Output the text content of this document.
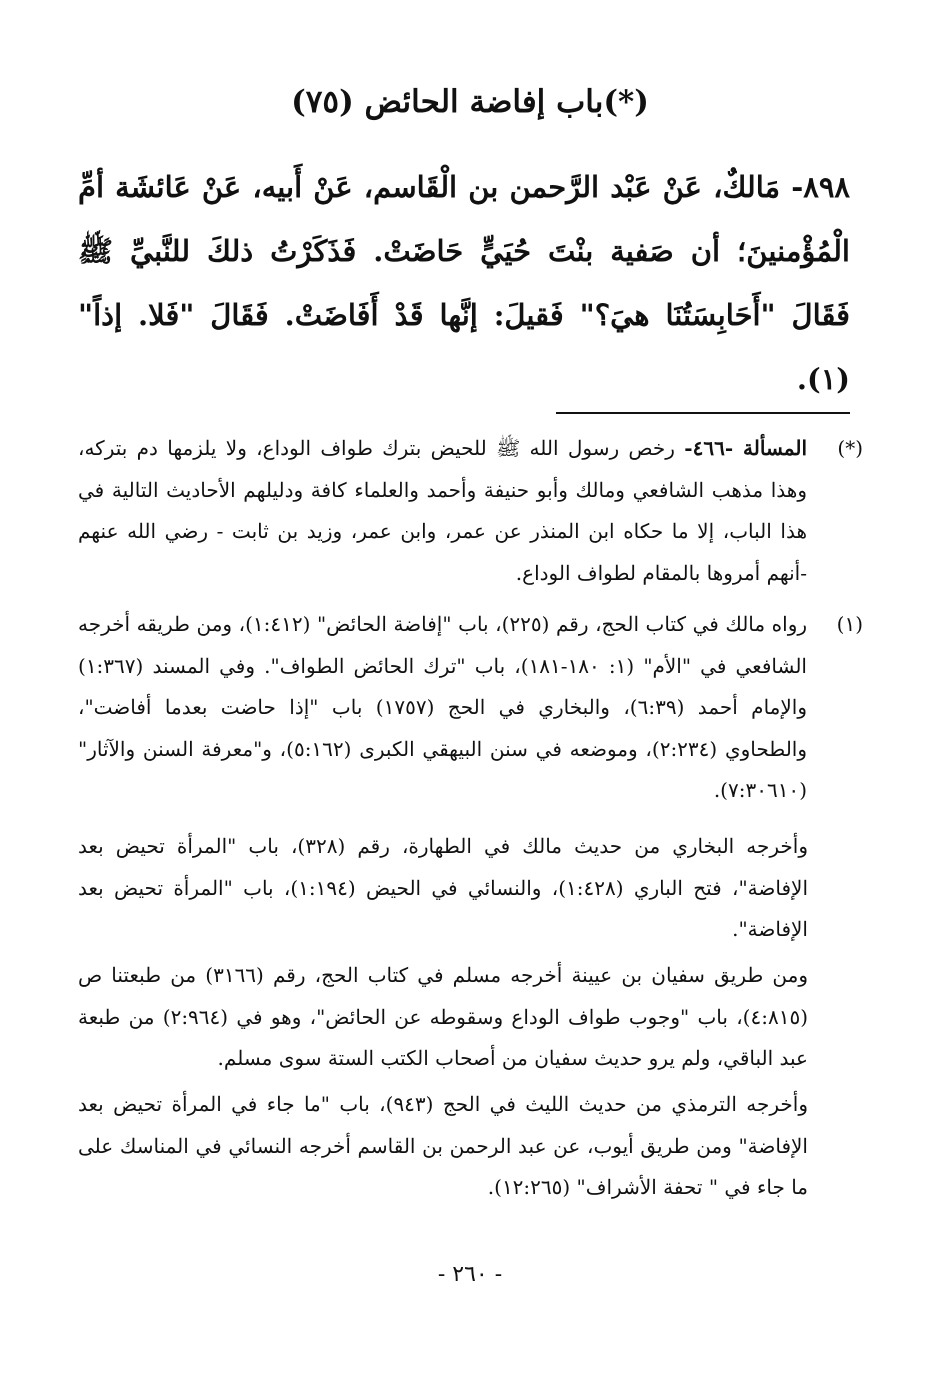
(٧٥) باب إفاضة الحائض(*)
٨٩٨- مَالكٌ، عَنْ عَبْد الرَّحمن بن الْقَاسم، عَنْ أَبيه، عَنْ عَائشَة أمِّ الْمُؤْمنينَ؛ أن صَفية بنْتَ حُيَيٍّ حَاضَتْ. فَذَكَرْتُ ذلكَ للنَّبيِّ ﷺ فَقَالَ "أَحَابِسَتُنَا هيَ؟" فَقيلَ: إنَّها قَدْ أَفَاضَتْ. فَقَالَ "فَلا. إذاً"(١).
(*)
المسألة -٤٦٦- رخص رسول الله ﷺ للحيض بترك طواف الوداع، ولا يلزمها دم بتركه، وهذا مذهب الشافعي ومالك وأبو حنيفة وأحمد والعلماء كافة ودليلهم الأحاديث التالية في هذا الباب، إلا ما حكاه ابن المنذر عن عمر، وابن عمر، وزيد بن ثابت - رضي الله عنهم -أنهم أمروها بالمقام لطواف الوداع.
(١)
رواه مالك في كتاب الحج، رقم (٢٢٥)، باب "إفاضة الحائض" (١:٤١٢)، ومن طريقه أخرجه الشافعي في "الأم" (١: ١٨٠-١٨١)، باب "ترك الحائض الطواف". وفي المسند (١:٣٦٧) والإمام أحمد (٦:٣٩)، والبخاري في الحج (١٧٥٧) باب "إذا حاضت بعدما أفاضت"، والطحاوي (٢:٢٣٤)، وموضعه في سنن البيهقي الكبرى (٥:١٦٢)، و"معرفة السنن والآثار" (٧:٣٠٦١٠).
وأخرجه البخاري من حديث مالك في الطهارة، رقم (٣٢٨)، باب "المرأة تحيض بعد الإفاضة"، فتح الباري (١:٤٢٨)، والنسائي في الحيض (١:١٩٤)، باب "المرأة تحيض بعد الإفاضة".
ومن طريق سفيان بن عيينة أخرجه مسلم في كتاب الحج، رقم (٣١٦٦) من طبعتنا ص (٤:٨١٥)، باب "وجوب طواف الوداع وسقوطه عن الحائض"، وهو في (٢:٩٦٤) من طبعة عبد الباقي، ولم يرو حديث سفيان من أصحاب الكتب الستة سوى مسلم.
وأخرجه الترمذي من حديث الليث في الحج (٩٤٣)، باب "ما جاء في المرأة تحيض بعد الإفاضة" ومن طريق أيوب، عن عبد الرحمن بن القاسم أخرجه النسائي في المناسك على ما جاء في " تحفة الأشراف" (١٢:٢٦٥).
- ٢٦٠ -
